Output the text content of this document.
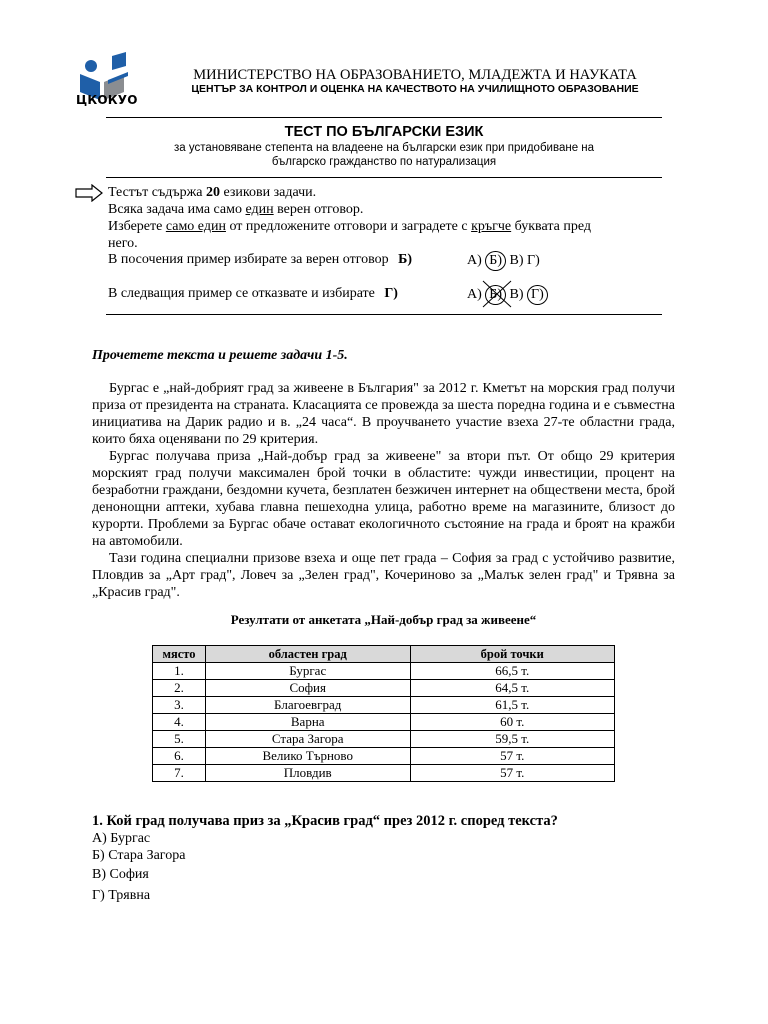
ЦКОКУО
МИНИСТЕРСТВО НА ОБРАЗОВАНИЕТО, МЛАДЕЖТА И НАУКАТА
ЦЕНТЪР ЗА КОНТРОЛ И ОЦЕНКА НА КАЧЕСТВОТО НА УЧИЛИЩНОТО ОБРАЗОВАНИЕ
ТЕСТ ПО БЪЛГАРСКИ ЕЗИК
за установяване степента на владеене на български език при придобиване на
българско гражданство по натурализация

Тестът съдържа 20 езикови задачи.

Всяка задача има само един верен отговор.

Изберете само един от предложените отговори и заградете с кръгче буквата пред

него.

В посочения пример избирате за верен отговор Б)	А) Б) В) Г)
В следващия пример се отказвате и избирате Г)	А) Б) В) Г)
Прочетете текста и решете задачи 1-5.

Бургас е „най-добрият град за живеене в България" за 2012 г. Кметът на морския град получи приза от президента на страната. Класацията се провежда за шеста поредна година и е съвместна инициатива на Дарик радио и в. „24 часа“. В проучването участие взеха 27-те областни града, които бяха оценявани по 29 критерия.

Бургас получава приза „Най-добър град за живеене" за втори път. От общо 29 критерия морският град получи максимален брой точки в областите: чужди инвестиции, процент на безработни граждани, бездомни кучета, безплатен безжичен интернет на обществени места, брой денонощни аптеки, хубава главна пешеходна улица, работно време на магазините, близост до курорти. Проблеми за Бургас обаче остават екологичното състояние на града и броят на кражби на автомобили.

Тази година специални призове взеха и още пет града – София за град с устойчиво развитие, Пловдив за „Арт град", Ловеч за „Зелен град", Кочериново за „Малък зелен град" и Трявна за „Красив град".

Резултати от анкетата „Най-добър град за живеене“
място	областен град	брой точки
1.	Бургас	66,5 т.
2.	София	64,5 т.
3.	Благоевград	61,5 т.
4.	Варна	60 т.
5.	Стара Загора	59,5 т.
6.	Велико Търново	57 т.
7.	Пловдив	57 т.
1. Кой град получава приз за „Красив град“ през 2012 г. според текста?
А) Бургас
Б) Стара Загора
В) София
Г) Трявна
